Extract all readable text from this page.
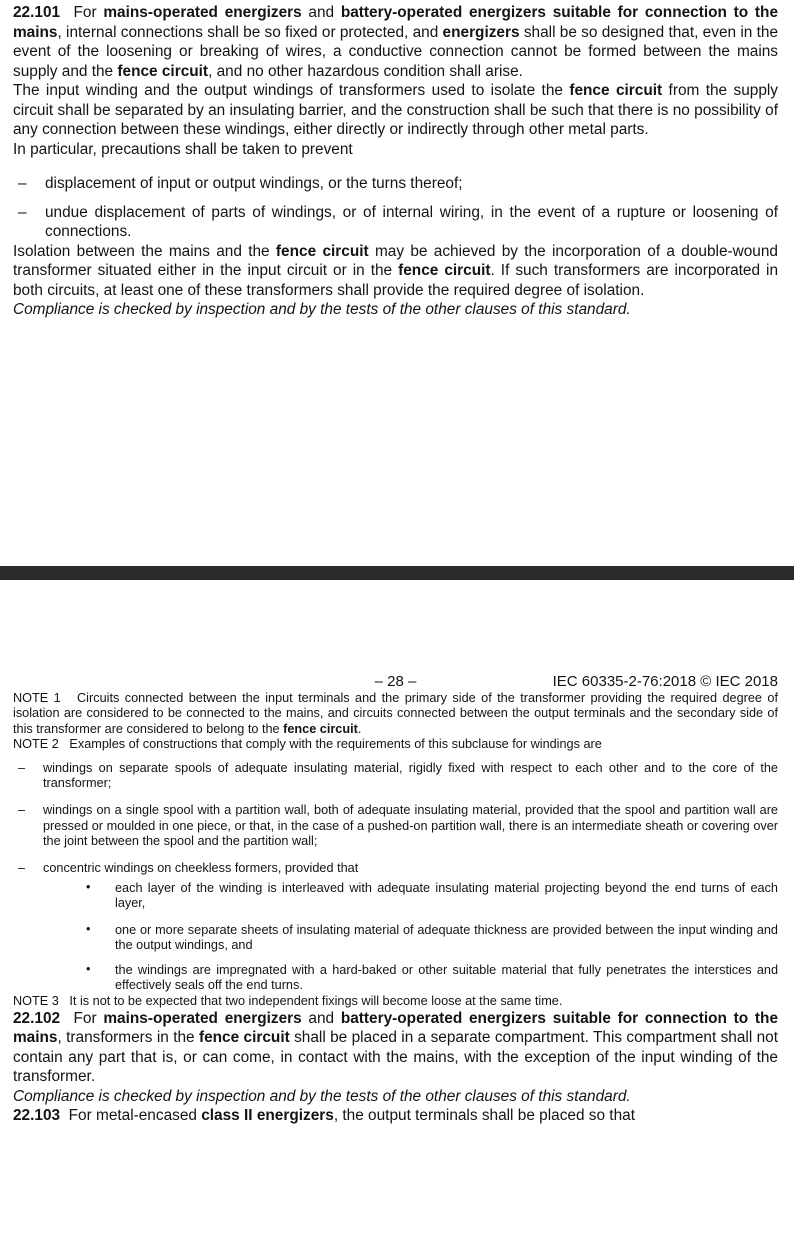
22.101  For mains-operated energizers and battery-operated energizers suitable for connection to the mains, internal connections shall be so fixed or protected, and energizers shall be so designed that, even in the event of the loosening or breaking of wires, a conductive connection cannot be formed between the mains supply and the fence circuit, and no other hazardous condition shall arise.

The input winding and the output windings of transformers used to isolate the fence circuit from the supply circuit shall be separated by an insulating barrier, and the construction shall be such that there is no possibility of any connection between these windings, either directly or indirectly through other metal parts.

In particular, precautions shall be taken to prevent

– displacement of input or output windings, or the turns thereof;
– undue displacement of parts of windings, or of internal wiring, in the event of a rupture or loosening of connections.

Isolation between the mains and the fence circuit may be achieved by the incorporation of a double-wound transformer situated either in the input circuit or in the fence circuit. If such transformers are incorporated in both circuits, at least one of these transformers shall provide the required degree of isolation.

Compliance is checked by inspection and by the tests of the other clauses of this standard.

– 28 –	IEC 60335-2-76:2018 © IEC 2018

NOTE 1   Circuits connected between the input terminals and the primary side of the transformer providing the required degree of isolation are considered to be connected to the mains, and circuits connected between the output terminals and the secondary side of this transformer are considered to belong to the fence circuit.

NOTE 2   Examples of constructions that comply with the requirements of this subclause for windings are

– windings on separate spools of adequate insulating material, rigidly fixed with respect to each other and to the core of the transformer;
– windings on a single spool with a partition wall, both of adequate insulating material, provided that the spool and partition wall are pressed or moulded in one piece, or that, in the case of a pushed-on partition wall, there is an intermediate sheath or covering over the joint between the spool and the partition wall;
– concentric windings on cheekless formers, provided that
• each layer of the winding is interleaved with adequate insulating material projecting beyond the end turns of each layer,
• one or more separate sheets of insulating material of adequate thickness are provided between the input winding and the output windings, and
• the windings are impregnated with a hard-baked or other suitable material that fully penetrates the interstices and effectively seals off the end turns.

NOTE 3   It is not to be expected that two independent fixings will become loose at the same time.

22.102  For mains-operated energizers and battery-operated energizers suitable for connection to the mains, transformers in the fence circuit shall be placed in a separate compartment. This compartment shall not contain any part that is, or can come, in contact with the mains, with the exception of the input winding of the transformer.

Compliance is checked by inspection and by the tests of the other clauses of this standard.

22.103  For metal-encased class II energizers, the output terminals shall be placed so that
